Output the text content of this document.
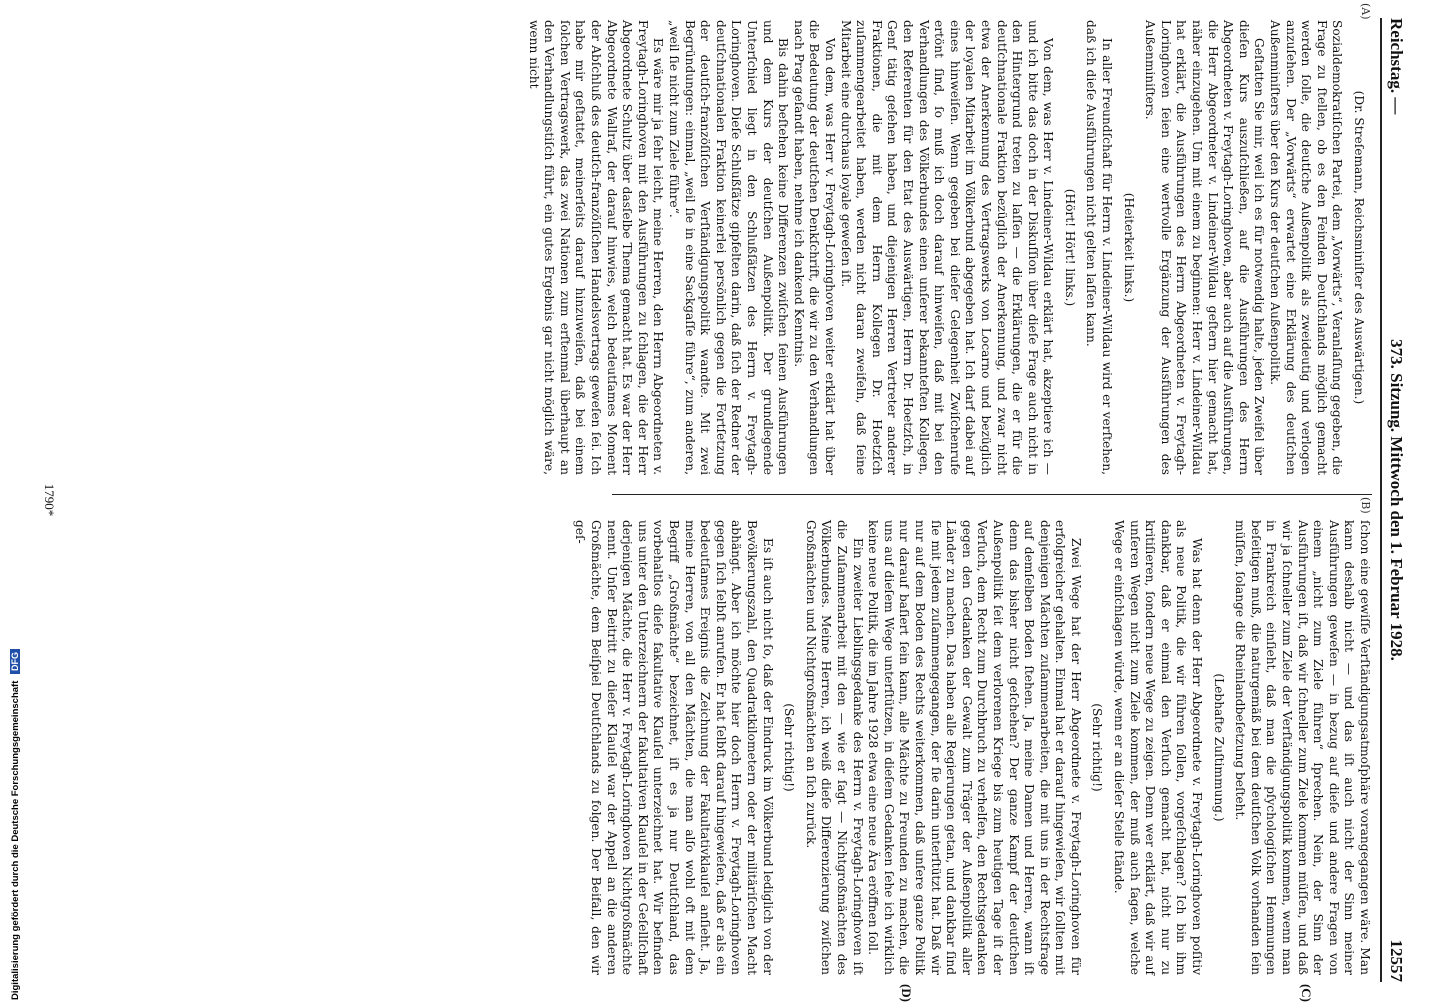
Reichstag. —
373. Sitzung. Mittwoch den 1. Februar 1928.
12557
(A)
(B)
(C)
(D)

(Dr. Streſemann, Reichsminiſter des Auswärtigen.)

Sozialdemokratiſchen Partei, dem „Vorwärts“, Veranlaſſung gegeben, die Frage zu ſtellen, ob es den Feinden Deutſchlands möglich gemacht werden ſolle, die deutſche Außenpolitik als zweideutig und verlogen anzuſehen. Der „Vorwärts“ erwartet eine Erklärung des deutſchen Außenminiſters über den Kurs der deutſchen Außenpolitik.

Geſtatten Sie mir, weil ich es für notwendig halte, jeden Zweifel über dieſen Kurs auszuſchließen, auf die Ausführungen des Herrn Abgeordneten v. Freytagh-Loringhoven, aber auch auf die Ausführungen, die Herr Abgeordneter v. Lindeiner-Wildau geſtern hier gemacht hat, näher einzugehen. Um mit einem zu beginnen: Herr v. Lindeiner-Wildau hat erklärt, die Ausführungen des Herrn Abgeordneten v. Freytagh-Loringhoven ſeien eine wertvolle Ergänzung der Ausführungen des Außenminiſters.

(Heiterkeit links.)

In aller Freundſchaft für Herrn v. Lindeiner-Wildau wird er verſtehen, daß ich dieſe Ausführungen nicht gelten laſſen kann.

(Hört! Hört! links.)

Von dem, was Herr v. Lindeiner-Wildau erklärt hat, akzeptiere ich — und ich bitte das doch in der Diskuſſion über dieſe Frage auch nicht in den Hintergrund treten zu laſſen — die Erklärungen, die er für die deutſchnationale Fraktion bezüglich der Anerkennung, und zwar nicht etwa der Anerkennung des Vertragswerks von Locarno und bezüglich der loyalen Mitarbeit im Völkerbund abgegeben hat. Ich darf dabei auf eines hinweiſen. Wenn gegeben bei dieſer Gelegenheit Zwiſchenrufe ertönt ſind, ſo muß ich doch darauf hinweiſen, daß mit bei den Verhandlungen des Völkerbundes einen unſerer bekannteſten Kollegen, den Referenten für den Etat des Auswärtigen, Herrn Dr. Hoetzſch, in Genf tätig geſehen haben, und diejenigen Herren Vertreter anderer Fraktionen, die mit dem Herrn Kollegen Dr. Hoetzſch zuſammengearbeitet haben, werden nicht daran zweifeln, daß ſeine Mitarbeit eine durchaus loyale geweſen iſt.

Von dem, was Herr v. Freytagh-Loringhoven weiter erklärt hat über die Bedeutung der deutſchen Denkſchrift, die wir zu den Verhandlungen nach Prag geſandt haben, nehme ich dankend Kenntnis.

Bis dahin beſtehen keine Differenzen zwiſchen ſeinen Ausführungen und dem Kurs der deutſchen Außenpolitik. Der grundlegende Unterſchied liegt in den Schlußſätzen des Herrn v. Freytagh-Loringhoven. Dieſe Schlußſätze gipfelten darin, daß ſich der Redner der deutſchnationalen Fraktion keinerlei persönlich gegen die Fortſetzung der deutſch-franzöſiſchen Verſtändigungspolitik wandte. Mit zwei Begründungen: einmal, „weil ſie in eine Sackgaſſe führe“, zum anderen, „weil ſie nicht zum Ziele führe“.

Es wäre mir ja ſehr leicht, meine Herren, den Herrn Abgeordneten v. Freytagh-Loringhoven mit den Ausführungen zu ſchlagen, die der Herr Abgeordnete Schultz über dasſelbe Thema gemacht hat. Es war der Herr Abgeordnete Wallraf, der darauf hinwies, welch bedeutſames Moment der Abſchluß des deutſch-franzöſiſchen Handelsvertrags geweſen ſei. Ich habe mir geſtattet, meinerſeits darauf hinzuweiſen, daß bei einem ſolchen Vertragswerk, das zwei Nationen zum erſtenmal überhaupt an den Verhandlungstiſch führt, ein gutes Ergebnis gar nicht möglich wäre, wenn nicht

ſchon eine gewiſſe Verſtändigungsatmoſphäre vorangegangen wäre. Man kann deshalb nicht — und das iſt auch nicht der Sinn meiner Ausführungen geweſen — in bezug auf dieſe und andere Fragen von einem „nicht zum Ziele führen“ ſprechen. Nein, der Sinn der Ausführungen iſt, daß wir ſchneller zum Ziele kommen müſſen, und daß wir ja ſchneller zum Ziele der Verſtändigungspolitik kommen, wenn man in Frankreich einſieht, daß man die pſychologiſchen Hemmungen beſeitigen muß, die naturgemäß bei dem deutſchen Volk vorhanden ſein müſſen, ſolange die Rheinlandbeſetzung beſteht.

(Lebhafte Zuſtimmung.)

Was hat denn der Herr Abgeordnete v. Freytagh-Loringhoven poſitiv als neue Politik, die wir führen ſollen, vorgeſchlagen? Ich bin ihm dankbar, daß er einmal den Verſuch gemacht hat, nicht nur zu kritiſieren, ſondern neue Wege zu zeigen. Denn wer erklärt, daß wir auf unſeren Wegen nicht zum Ziele kommen, der muß auch ſagen, welche Wege er einſchlagen würde, wenn er an dieſer Stelle ſtände.

(Sehr richtig!)

Zwei Wege hat der Herr Abgeordnete v. Freytagh-Loringhoven für erfolgreicher gehalten. Einmal hat er darauf hingewieſen, wir ſollten mit denjenigen Mächten zuſammenarbeiten, die mit uns in der Rechtsfrage auf demſelben Boden ſtehen. Ja, meine Damen und Herren, wann iſt denn das bisher nicht geſchehen? Der ganze Kampf der deutſchen Außenpolitik ſeit dem verlorenen Kriege bis zum heutigen Tage iſt der Verſuch, dem Recht zum Durchbruch zu verhelfen, den Rechtsgedanken gegen den Gedanken der Gewalt zum Träger der Außenpolitik aller Länder zu machen. Das haben alle Regierungen getan, und dankbar ſind ſie mit jedem zuſammengegangen, der ſie darin unterſtützt hat. Daß wir nur auf dem Boden des Rechts weiterkommen, daß unſere ganze Politik nur darauf baſiert ſein kann, alle Mächte zu Freunden zu machen, die uns auf dieſem Wege unterſtützen, in dieſem Gedanken ſehe ich wirklich keine neue Politik, die im Jahre 1928 etwa eine neue Ära eröffnen ſoll.

Ein zweiter Lieblingsgedanke des Herrn v. Freytagh-Loringhoven iſt die Zuſammenarbeit mit den — wie er ſagt — Nichtgroßmächten des Völkerbundes. Meine Herren, ich weiß dieſe Differenzierung zwiſchen Großmächten und Nichtgroßmächten an ſich zurück.

(Sehr richtig!)

Es iſt auch nicht ſo, daß der Eindruck im Völkerbund lediglich von der Bevölkerungszahl, den Quadratkilometern oder der militäriſchen Macht abhängt. Aber ich möchte hier doch Herrn v. Freytagh-Loringhoven gegen ſich ſelbſt anrufen. Er hat ſelbſt darauf hingewieſen, daß er als ein bedeutſames Ereignis die Zeichnung der Fakultativklauſel anſieht. Ja, meine Herren, von all den Mächten, die man alſo wohl oft mit dem Begriff „Großmächte“ bezeichnet, iſt es ja nur Deutſchland, das vorbehaltlos dieſe fakultative Klauſel unterzeichnet hat. Wir befinden uns unter den Unterzeichnern der fakultativen Klauſel in der Geſellſchaft derjenigen Mächte, die Herr v. Freytagh-Loringhoven Nichtgroßmächte nennt. Unſer Beitritt zu dieſer Klauſel war der Appell an die anderen Großmächte, dem Beiſpiel Deutſchlands zu folgen. Der Beifall, den wir geſ-

1790*
Digitalisierung gefördert durch die Deutsche Forschungsgemeinschaft DFG
